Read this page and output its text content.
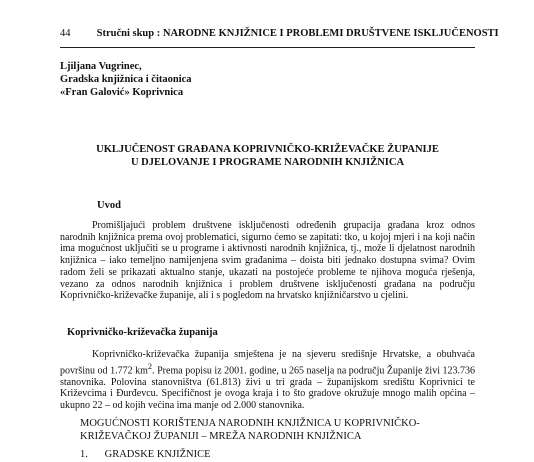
44 Stručni skup : NARODNE KNJIŽNICE I PROBLEMI DRUŠTVENE ISKLJUČENOSTI
Ljiljana Vugrinec,
Gradska knjižnica i čitaonica
«Fran Galović» Koprivnica
UKLJUČENOST GRAĐANA KOPRIVNIČKO-KRIŽEVAČKE ŽUPANIJE
U DJELOVANJE I PROGRAME NARODNIH KNJIŽNICA
Uvod
Promišljajući problem društvene isključenosti određenih grupacija građana kroz odnos narodnih knjižnica prema ovoj problematici, sigurno ćemo se zapitati: tko, u kojoj mjeri i na koji način ima mogućnost uključiti se u programe i aktivnosti narodnih knjižnica, tj., može li djelatnost narodnih knjižnica – iako temeljno namijenjena svim građanima – doista biti jednako dostupna svima? Ovim radom želi se prikazati aktualno stanje, ukazati na postojeće probleme te njihova moguća rješenja, vezano za odnos narodnih knjižnica i problem društvene isključenosti građana na području Koprivničko-križevačke županije, ali i s pogledom na hrvatsko knjižničarstvo u cjelini.
Koprivničko-križevačka županija
Koprivničko-križevačka županija smještena je na sjeveru središnje Hrvatske, a obuhvaća površinu od 1.772 $km^2$. Prema popisu iz 2001. godine, u 265 naselja na području Županije živi 123.736 stanovnika. Polovina stanovništva (61.813) živi u tri grada – županijskom središtu Koprivnici te Križevcima i Đurđevcu. Specifičnost je ovoga kraja i to što gradove okružuje mnogo malih općina – ukupno 22 – od kojih većina ima manje od 2.000 stanovnika.
MOGUĆNOSTI KORIŠTENJA NARODNIH KNJIŽNICA U KOPRIVNIČKO-
KRIŽEVAČKOJ ŽUPANIJI – MREŽA NARODNIH KNJIŽNICA
1. GRADSKE KNJIŽNICE
